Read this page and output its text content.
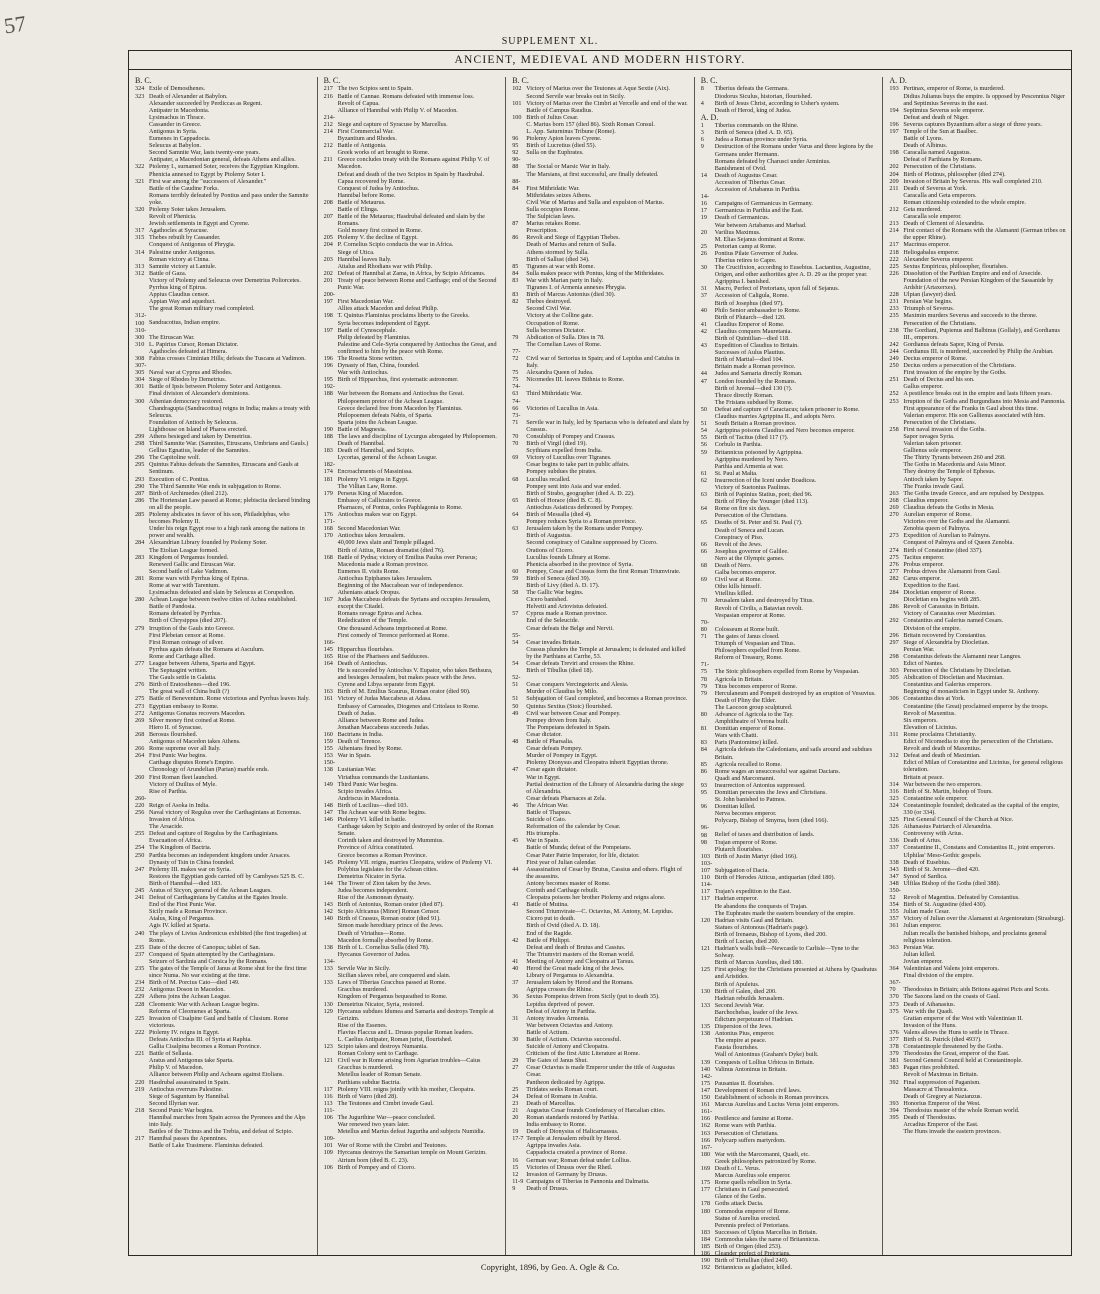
57
SUPPLEMENT XL.
ANCIENT, MEDIEVAL AND MODERN HISTORY.
B. C.
324 Exile of Demosthenes.
323 Death of Alexander at Babylon.
Alexander succeeded by Perdiccas as Regent.
Antipater in Macedonia.
Lysimachus in Thrace.
Cassander in Greece.
Antigonus in Syria.
Eumenes in Cappadocia.
Seleucus at Babylon.
Second Samnite War, lasts twenty-one years.
Antipater, a Macedonian general, defeats Athens and allies.
322 Ptolemy I., surnamed Soter, receives the Egyptian Kingdom.
Phenicia annexed to Egypt by Ptolemy Soter I.
321 First war among the "successors of Alexander."
Battle of the Caudine Forks.
Romans terribly defeated by Pontius and pass under the Samnite yoke.
320 Ptolemy Soter takes Jerusalem.
Revolt of Phenicia.
Jewish settlements in Egypt and Cyrene.
317 Agathocles at Syracuse.
315 Thebes rebuilt by Cassander.
Conquest of Antigonus of Phrygia.
314 Palestine under Antigonus.
Roman victory at Cinna.
313 Samnite victory at Lantule.
312 Battle of Gaza.
Victory of Ptolemy and Seleucus over Demetrius Poliorcetes.
Pyrrhus king of Epirus.
Appius Claudius censor.
Appian Way and aqueduct.
The great Roman military road completed.
312-100 Sandracottus, Indian empire.
310-300 The Etruscan War.
310 L. Papirius Cursor, Roman Dictator.
Agathocles defeated at Himera.
308 Fabius crosses Ciminian Hills; defeats the Tuscans at Vadimon.
307-305 Naval war at Cyprus and Rhodes.
304 Siege of Rhodes by Demetrius.
301 Battle of Ipsis between Ptolemy Soter and Antigonus.
Final division of Alexander's dominions.
300 Athenian democracy restored.
Chandragupta (Sandracottus) reigns in India; makes a treaty with Seleucus.
Foundation of Antioch by Seleucus.
Lighthouse on Island of Pharos erected.
299 Athens besieged and taken by Demetrius.
298 Third Samnite War. (Samnites, Etruscans, Umbrians and Gauls.)
Gellius Egnatius, leader of the Samnites.
296 The Capitoline wolf.
295 Quintus Fabius defeats the Samnites, Etruscans and Gauls at Sentinum.
293 Execution of C. Pontius.
290 The Third Samnite War ends in subjugation to Rome.
287 Birth of Archimedes (died 212).
286 The Hortensian Law passed at Rome; plebiscita declared binding on all the people.
285 Ptolemy abdicates in favor of his son, Philadelphus, who becomes Ptolemy II.
Under his reign Egypt rose to a high rank among the nations in power and wealth.
284 Alexandrian Library founded by Ptolemy Soter.
The Etolian League formed.
283 Kingdom of Pergamus founded.
Renewed Gallic and Etruscan War.
Second battle of Lake Vadimon.
281 Rome wars with Pyrrhus king of Epirus.
Rome at war with Tarentum.
Lysimachus defeated and slain by Seleucus at Corupedion.
280 Achean League between twelve cities of Achea established.
Battle of Pandosia.
Romans defeated by Pyrrhus.
Birth of Chrysippus (died 207).
279 Irruption of the Gauls into Greece.
First Plebeian censor at Rome.
First Roman coinage of silver.
Pyrrhus again defeats the Romans at Asculum.
Rome and Carthage allied.
277 League between Athens, Sparta and Egypt.
The Septuagint written.
The Gauls settle in Galatia.
276 Birth of Eratosthenes—died 196.
The great wall of China built (?)
275 Battle of Beneventum. Rome victorious and Pyrrhus leaves Italy.
273 Egyptian embassy to Rome.
272 Antigonus Gonatus recovers Macedon.
269 Silver money first coined at Rome.
Hiero II. of Syracuse.
268 Berosus flourished.
Antigonus of Macedon takes Athens.
266 Rome supreme over all Italy.
264 First Punic War begins.
Carthage disputes Rome's Empire.
Chronology of Arundelian (Parian) marble ends.
260 First Roman fleet launched.
Victory of Duilius of Myle.
Rise of Parthia.
260-220 Reign of Asoka in India.
256 Naval victory of Regulus over the Carthaginians at Ecnomus.
Invasion of Africa.
The Arsacide.
255 Defeat and capture of Regulus by the Carthaginians.
Evacuation of Africa.
254 The Kingdom of Bactria.
250 Parthia becomes an independent kingdom under Arsaces.
Dynasty of Tsin in China founded.
247 Ptolemy III. makes war on Syria.
Restores the Egyptian gods carried off by Cambyses 525 B. C.
Birth of Hannibal—died 183.
245 Aratus of Sicyon, general of the Achean Leagues.
241 Defeat of Carthaginians by Catulus at the Egates Insule.
End of the First Punic War.
Sicily made a Roman Province.
Atalus, King of Pergamus.
Agis IV. killed at Sparta.
240 The plays of Livius Andronicus exhibited (the first tragedies) at Rome.
235 Date of the decree of Canopus; tablet of San.
237 Conquest of Spain attempted by the Carthaginians.
Seizure of Sardinia and Corsica by the Romans.
235 The gates of the Temple of Janus at Rome shut for the first time since Numa. No war existing at the time.
234 Birth of M. Porcius Cato—died 149.
232 Antigonus Doson in Macedon.
229 Athens joins the Achean League.
228 Cleomenic War with Achean League begins.
Reforms of Cleomenes at Sparta.
225 Invasion of Cisalpine Gaul and battle of Clusium. Rome victorious.
222 Ptolemy IV. reigns in Egypt.
Defeats Antiochus III. of Syria at Raphia.
Gallia Cisalpina becomes a Roman Province.
221 Battle of Sellasia.
Aratus and Antigonus take Sparta.
Philip V. of Macedon.
Alliance between Philip and Acheans against Etolians.
220 Hasdrubal assassinated in Spain.
219 Antiochus overruns Palestine.
Siege of Saguntum by Hannibal.
Second Illyrian war.
218 Second Punic War begins.
Hannibal marches from Spain across the Pyrenees and the Alps into Italy.
Battles of the Ticinus and the Trebia, and defeat of Scipio.
217 Hannibal passes the Apennines.
Battle of Lake Trasimene. Flaminius defeated.
B. C.
217 The two Scipios sent to Spain.
216 Battle of Cannae. Romans defeated with immense loss.
Revolt of Capua.
Alliance of Hannibal with Philip V. of Macedon.
214-212 Siege and capture of Syracuse by Marcellus.
214 First Commercial War.
Byzantium and Rhodes.
212 Battle of Antigonia.
Greek works of art brought to Rome.
211 Greece concludes treaty with the Romans against Philip V. of Macedon.
Defeat and death of the two Scipios in Spain by Hasdrubal.
Capua recovered by Rome.
Conquest of Judea by Antiochus.
Hannibal before Rome.
208 Battle of Metaurus.
Battle of Elinga.
207 Battle of the Metaurus; Hasdrubal defeated and slain by the Romans.
Gold money first coined in Rome.
205 Ptolemy V. the decline of Egypt.
204 P. Cornelius Scipio conducts the war in Africa.
Siege of Utica.
203 Hannibal leaves Italy.
Attalus and Rhodians war with Philip.
202 Defeat of Hannibal at Zama, in Africa, by Scipio Africanus.
201 Treaty of peace between Rome and Carthage; end of the Second Punic War.
200-197 First Macedonian War.
Allies attack Macedon and defeat Philip.
198 T. Quintus Flaminius proclaims liberty to the Greeks.
Syria becomes independent of Egypt.
197 Battle of Cynoscephale.
Philip defeated by Flaminius.
Palestine and Cele-Syria conquered by Antiochus the Great, and confirmed to him by the peace with Rome.
196 The Rosetta Stone written.
196 Dynasty of Han, China, founded.
War with Antiochus.
195 Birth of Hipparchus, first systematic astronomer.
192-188 War between the Romans and Antiochus the Great.
Philopoemen pretor of the Achean League.
Greece declared free from Macedon by Flaminius.
Philopoemen defeats Nabis, of Sparta.
Sparta joins the Achean League.
190 Battle of Magnesia.
188 The laws and discipline of Lycurgus abrogated by Philopoemen.
Death of Hannibal.
183 Death of Hannibal, and Scipio.
Lycortas, general of the Achean League.
182-174 Encroachments of Massinissa.
181 Ptolemy VI. reigns in Egypt.
The Villian Law, Rome.
179 Perseus King of Macedon.
Embassy of Callicrates to Greece.
Pharnaces, of Pontus, cedes Paphlagonia to Rome.
176 Antiochus makes war on Egypt.
171-168 Second Macedonian War.
170 Antiochus takes Jerusalem.
40,000 Jews slain and Temple pillaged.
Birth of Attius, Roman dramatist (died 76).
168 Battle of Pydna; victory of Emilius Paulus over Perseus; Macedonia made a Roman province.
Eumenes II. visits Rome.
Antiochus Epiphanes takes Jerusalem.
Beginning of the Maccabean war of independence.
Athenians attack Oropus.
167 Judas Maccabeus defeats the Syrians and occupies Jerusalem, except the Citadel.
Romans ravage Epirus and Achea.
Rededication of the Temple.
One thousand Acheans imprisoned at Rome.
First comedy of Terence performed at Rome.
166-145 Hipparchus flourishes.
165 Rise of the Pharisees and Sadducees.
164 Death of Antiochus.
He is succeeded by Antiochus V. Eupator, who takes Bethsura, and besieges Jerusalem, but makes peace with the Jews.
Cyrene and Libya separate from Egypt.
163 Birth of M. Emilius Scaurus, Roman orator (died 90).
161 Victory of Judas Maccabeus at Adasa.
Embassy of Carneades, Diogenes and Critolaus to Rome.
Death of Judas.
Alliance between Rome and Judea.
Jonathan Maccabeus succeeds Judas.
160 Bactrians in India.
159 Death of Terence.
155 Athenians fined by Rome.
153 War in Spain.
150-138 Lusitanian War.
Viriathus commands the Lusitanians.
149 Third Punic War begins.
Scipio invades Africa.
Andriscus in Macedonia.
148 Birth of Lucilius—died 103.
147 The Achean war with Rome begins.
146 Ptolemy VI. killed in battle.
Carthage taken by Scipio and destroyed by order of the Roman Senate.
Corinth taken and destroyed by Mummius.
Province of Africa constituted.
Greece becomes a Roman Province.
145 Ptolemy VII. reigns, marries Cleopatra, widow of Ptolemy VI.
Polybius legislates for the Achean cities.
Demetrius Nicator in Syria.
144 The Tower of Zion taken by the Jews.
Judea becomes independent.
Rise of the Asmonean dynasty.
143 Birth of Antonius, Roman orator (died 87).
142 Scipio Africanus (Minor) Roman Censor.
140 Birth of Crassus, Roman orator (died 91).
Simon made hereditary prince of the Jews.
Death of Viriathus—Rome.
Macedon formally absorbed by Rome.
138 Birth of L. Cornelius Sulla (died 78).
Hyrcanus Governor of Judea.
134-133 Servile War in Sicily.
Sicilian slaves rebel, are conquered and slain.
133 Laws of Tiberias Gracchus passed at Rome.
Gracchus murdered.
Kingdom of Pergamus bequeathed to Rome.
130 Demetrius Nicator, Syria, restored.
129 Hyrcanus subdues Idumea and Samaria and destroys Temple at Gerizim.
Rise of the Essenes.
Flavius Flaccus and L. Drusus popular Roman leaders.
L. Caelius Antipater, Roman jurist, flourished.
123 Scipio takes and destroys Numantia.
Roman Colony sent to Carthage.
121 Civil war in Rome arising from Agrarian troubles—Caius Gracchus is murdered.
Metellus leader of Roman Senate.
Parthians subdue Bactria.
117 Ptolemy VIII. reigns jointly with his mother, Cleopatra.
116 Birth of Varro (died 28).
113 The Teutones and Cimbri invade Gaul.
111-106 The Jugurthine War—peace concluded.
War renewed two years later.
Metellus and Marius defeat Jugurtha and subjects Numidia.
109-101 War of Rome with the Cimbri and Teutones.
109 Hyrcanus destroys the Samaritan temple on Mount Gerizim.
Atrium born (died B. C. 23).
106 Birth of Pompey and of Cicero.
B. C.
102 Victory of Marius over the Teutones at Aque Sextie (Aix).
Second Servile war breaks out in Sicily.
101 Victory of Marius over the Cimbri at Vercelle and end of the war.
Battle of Campus Raudius.
100 Birth of Julius Cesar.
C. Marius born 157 (died 86). Sixth Roman Consul.
L. App. Saturninus Tribune (Rome).
96 Ptolemy Apion leaves Cyrene.
95 Birth of Lucretius (died 55).
92 Sulla on the Euphrates.
90-88 The Social or Marsic War in Italy.
The Marsians, at first successful, are finally defeated.
88-84 First Mithridatic War.
Mithridates seizes Athens.
Civil War of Marius and Sulla and expulsion of Marius.
Sulla occupies Rome.
The Sulpician laws.
87 Marius retakes Rome.
Proscription.
86 Revolt and Siege of Egyptian Thebes.
Death of Marius and return of Sulla.
Athens stormed by Sulla.
Birth of Sallust (died 34).
85 Tigranes at war with Rome.
84 Sulla makes peace with Pontus, king of the Mithridates.
83 War with Marian party in Italy.
Tigranes I. of Armenia annexes Phrygia.
83 Birth of Marcus Antonius (died 30).
82 Thebes destroyed.
Second Civil War.
Victory at the Colline gate.
Occupation of Rome.
Sulla becomes Dictator.
79 Abdication of Sulla. Dies in 78.
The Cornelian Laws of Rome.
77-72 Civil war of Sertorius in Spain; and of Lepidus and Catulus in Italy.
75 Alexandra Queen of Judea.
75 Nicomedes III. leaves Bithnia to Rome.
74-63 Third Mithridatic War.
74-66 Victories of Lucullus in Asia.
73-71 Servile war in Italy, led by Spartacus who is defeated and slain by Crassus.
70 Consulship of Pompey and Crassus.
70 Birth of Virgil (died 19).
Scythians expelled from India.
69 Victory of Lucullus over Tigranes.
Cesar begins to take part in public affairs.
Pompey subdues the pirates.
68 Lucullus recalled.
Pompey sent into Asia and war ended.
Birth of Strabo, geographer (died A. D. 22).
65 Birth of Horace (died B. C. 8).
Antiochus Asiaticus dethroned by Pompey.
64 Birth of Messalla (died 4).
Pompey reduces Syria to a Roman province.
63 Jerusalem taken by the Romans under Pompey.
Birth of Augustus.
Second conspiracy of Cataline suppressed by Cicero.
Orations of Cicero.
Lucullus founds Library at Rome.
Phenicia absorbed in the province of Syria.
60 Pompey, Cesar and Crassus form the first Roman Triumvirate.
59 Birth of Seneca (died 39).
Birth of Livy (died A. D. 17).
58 The Gallic War begins.
Cicero banished.
Helvetii and Ariovistus defeated.
57 Cyprus made a Roman province.
End of the Seleucide.
Cesar defeats the Belge and Nervii.
55-54 Cesar invades Britain.
Crassus plunders the Temple at Jerusalem; is defeated and killed by the Parthians at Carrhe, 53.
54 Cesar defeats Treviri and crosses the Rhine.
Birth of Tibullus (died 18).
52-51 Cesar conquers Vercingetorix and Alesia.
Murder of Claudius by Milo.
51 Subjugation of Gaul completed, and becomes a Roman province.
50 Quintus Sextius (Stoic) flourished.
49 Civil war between Cesar and Pompey.
Pompey driven from Italy.
The Pompeians defeated in Spain.
Cesar dictator.
48 Battle of Pharsalia.
Cesar defeats Pompey.
Murder of Pompey in Egypt.
Ptolemy Dionysus and Cleopatra inherit Egyptian throne.
47 Cesar again dictator.
War in Egypt.
Partial destruction of the Library of Alexandria during the siege of Alexandria.
Cesar defeats Pharnaces at Zela.
46 The African War.
Battle of Thapsus.
Suicide of Cato.
Reformation of the calendar by Cesar.
His triumphs.
45 War in Spain.
Battle of Munda; defeat of the Pompeians.
Cesar Pater Patrie Imperator, for life, dictator.
First year of Julian calendar.
44 Assassination of Cesar by Brutus, Cassius and others. Flight of the assassins.
Antony becomes master of Rome.
Corinth and Carthage rebuilt.
Cleopatra poisons her brother Ptolemy and reigns alone.
43 Battle of Mutina.
Second Triumvirate—C. Octavius, M. Antony, M. Lepidus.
Cicero put to death.
Birth of Ovid (died A. D. 18).
End of the Ragide.
42 Battle of Philippi.
Defeat and death of Brutus and Cassius.
The Triumviri masters of the Roman world.
41 Meeting of Antony and Cleopatra at Tarsus.
40 Herod the Great made king of the Jews.
Library of Pergamus to Alexandria.
37 Jerusalem taken by Herod and the Romans.
Agrippa crosses the Rhine.
36 Sextus Pompeius driven from Sicily (put to death 35).
Lepidus deprived of power.
Defeat of Antony in Parthia.
31 Antony invades Armenia.
War between Octavius and Antony.
Battle of Actium.
30 Battle of Actium. Octavius successful.
Suicide of Antony and Cleopatra.
Criticism of the first Attic Literature at Rome.
29 The Gates of Janus Shut.
27 Cesar Octavius is made Emperor under the title of Augustus Cesar.
Pantheon dedicated by Agrippa.
25 Tiridates seeks Roman court.
24 Defeat of Romans in Arabia.
23 Death of Marcellus.
21 Augustus Cesar founds Confederacy of Harcalian cities.
20 Roman standards restored by Parthia.
India embassy to Rome.
19 Death of Dionysius of Halicarnassus.
17-7 Temple at Jerusalem rebuilt by Herod.
Agrippa invades Asia.
Cappadocia created a province of Rome.
16 German war; Roman defeat under Lollius.
15 Victories of Drusus over the Rhetl.
12 Invasion of Germany by Drusus.
11-9 Campaigns of Tiberias in Pannonia and Dalmatia.
9 Death of Drusus.
B. C.
8 Tiberius defeats the Germans.
Diodorus Siculus, historian, flourished.
4 Birth of Jesus Christ, according to Usher's system.
Death of Herod, king of Judea.
A. D.
1 Tiberius commands on the Rhine.
3 Birth of Seneca (died A. D. 65).
6 Judea a Roman province under Syria.
9 Destruction of the Romans under Varus and three legions by the Germans under Hermann.
Romans defeated by Charusci under Arminius.
Banishment of Ovid.
14 Death of Augustus Cesar.
Accession of Tiberius Cesar.
Accession of Artabanus in Parthia.
14-16 Campaigns of Germanicus in Germany.
17 Germanicus in Parthia and the East.
19 Death of Germanicus.
War between Artabanus and Marbad.
20 Varilius Maximus.
M. Elias Sejanus dominant at Rome.
25 Pretorian camp at Rome.
26 Pontius Pilate Governor of Judea.
Tiberius retires to Capre.
30 The Crucifixion, according to Eusebius. Lactantius, Augustine, Origen, and other authorities give A. D. 29 as the proper year.
Agrippina I. banished.
31 Macro, Perfect of Pretorians, upon fall of Sejanus.
37 Accession of Caligula, Rome.
Birth of Josephus (died 97).
40 Philo Senior ambassador to Rome.
Birth of Plutarch—died 120.
41 Claudius Emperor of Rome.
42 Claudius conquers Mauretania.
Birth of Quintilian—died 118.
43 Expedition of Claudius to Britain.
Successes of Aulus Plautius.
Birth of Martial—died 104.
Britain made a Roman province.
44 Judea and Samaria directly Roman.
47 London founded by the Romans.
Birth of Juvenal—died 130 (?).
Thrace directly Roman.
The Frisians subdued by Rome.
50 Defeat and capture of Caractacus; taken prisoner to Rome.
Claudius marries Agrippina II., and adopts Nero.
51 South Britain a Roman province.
54 Agrippina poisons Claudius and Nero becomes emperor.
55 Birth of Tacitus (died 117 (?).
56 Corbulo in Parthia.
59 Britannicus poisoned by Agrippina.
Agrippina murdered by Nero.
Parthia and Armenia at war.
61 St. Paul at Malta.
62 Insurrection of the Iceni under Boadicea.
Victory of Suetonius Paulinus.
63 Birth of Papinius Statius, poet; died 96.
Birth of Pliny the Younger (died 113).
64 Rome on fire six days.
Persecution of the Christians.
65 Deaths of St. Peter and St. Paul (?).
Death of Seneca and Lucan.
Conspiracy of Piso.
66 Revolt of the Jews.
66 Josephus governor of Galilee.
Nero at the Olympic games.
68 Death of Nero.
Galba becomes emperor.
69 Civil war at Rome.
Otho kills himself.
Vitellius killed.
70 Jerusalem taken and destroyed by Titus.
Revolt of Civilis, a Batavian revolt.
Vespasian emperor at Rome.
70-80 Colosseum at Rome built.
71 The gates of Janus closed.
Triumph of Vespasian and Titus.
Philosophers expelled from Rome.
Reform of Treasury, Rome.
71-75 The Stoic philosophers expelled from Rome by Vespasian.
78 Agricola in Britain.
79 Titus becomes emperor of Rome.
79 Herculaneum and Pompeii destroyed by an eruption of Vesuvius.
Death of Pliny the Elder.
The Laocoon group sculptured.
80 Advance of Agricola to the Tay.
Amphitheatre of Verona built.
81 Domitian emperor of Rome.
Wars with Chatti.
83 Paris (Pantomime) killed.
84 Agricola defeats the Caledonians, and sails around and subdues Britain.
85 Agricola recalled to Rome.
86 Rome wages an unsuccessful war against Dacians.
Quadi and Marcomanni.
93 Insurrection of Antonius suppressed.
95 Domitian persecutes the Jews and Christians.
St. John banished to Patmos.
96 Domitian killed.
Nerva becomes emperor.
Polycarp, Bishop of Smyrna, born (died 166).
96-98 Relief of taxes and distribution of lands.
98 Trajan emperor of Rome.
Plutarch flourishes.
103 Birth of Justin Martyr (died 166).
103-107 Subjugation of Dacia.
110 Birth of Herodes Atticus, antiquarian (died 180).
114-117 Trajan's expedition to the East.
117 Hadrian emperor.
He abandons the conquests of Trajan.
The Euphrates made the eastern boundary of the empire.
120 Hadrian visits Gaul and Britain.
Statues of Antonous (Hadrian's page).
Birth of Irenaeus, Bishop of Lyons, died 200.
Birth of Lucian, died 200.
121 Hadrian's walls built—Newcastle to Carlisle—Tyne to the Solway.
Birth of Marcus Aurelius, died 180.
125 First apology for the Christians presented at Athens by Quadratus and Aristides.
Birth of Apuleius.
130 Birth of Galen, died 200.
Hadrian rebuilds Jerusalem.
133 Second Jewish War.
Barchochebas, leader of the Jews.
Edictum perpetuum of Hadrian.
135 Dispersion of the Jews.
138 Antonius Pius, emperor.
The empire at peace.
Fausta flourishes.
Wall of Antoninus (Graham's Dyke) built.
139 Conquests of Lollius Urbicus in Britain.
140 Valinus Antoninus in Britain.
142-175 Pausanias II. flourishes.
147 Development of Roman civil laws.
150 Establishment of schools in Roman provinces.
161 Marcus Aurelius and Lucius Verus joint emperors.
161-166 Pestilence and famine at Rome.
162 Rome wars with Parthia.
163 Persecution of Christians.
166 Polycarp suffers martyrdom.
167-180 War with the Marcomanni, Quadi, etc.
Greek philosophers patronized by Rome.
169 Death of L. Verus.
Marcus Aurelius sole emperor.
175 Rome quells rebellion in Syria.
177 Christians in Gaul persecuted.
Glance of the Goths.
178 Goths attack Dacia.
180 Commodus emperor of Rome.
Statue of Aurelius erected.
Perennis prefect of Pretorians.
183 Successes of Ulpius Marcellus in Britain.
184 Commodus takes the name of Britannicus.
185 Birth of Origen (died 253).
186 Cleander prefect of Pretorians.
190 Birth of Tertullian (died 240).
192 Britannicus as gladiator, killed.
A. D.
193 Pertinax, emperor of Rome, is murdered.
Didius Julianus buys the empire. Is opposed by Pescennius Niger and Septimius Severus in the east.
194 Septimius Severus sole emperor.
Defeat and death of Niger.
196 Severus captures Byzantium after a siege of three years.
197 Temple of the Sun at Baalbec.
Battle of Lyons.
Death of Albinus.
198 Caracalla named Augustus.
Defeat of Parthians by Romans.
202 Persecution of the Christians.
204 Birth of Plotinus, philosopher (died 274).
209 Invasion of Britain by Severus. His wall completed 210.
211 Death of Severus at York.
Caracalla and Geta emperors.
Roman citizenship extended to the whole empire.
212 Geta murdered.
Caracalla sole emperor.
213 Death of Clement of Alexandria.
214 First contact of the Romans with the Alamanni (German tribes on the upper Rhine).
217 Macrinus emperor.
218 Heliogabalus emperor.
222 Alexander Severus emperor.
225 Sextus Empiricus, philosopher, flourishes.
226 Dissolution of the Parthian Empire and end of Arsecide.
Foundation of the new Persian Kingdom of the Sassanide by Ardshir (Artaxerxes).
228 Ulpian (lawyer) died.
231 Persian War begins.
233 Triumph of Severus.
235 Maximin murders Severus and succeeds to the throne.
Persecution of the Christians.
238 The Gordiani, Pupienus and Balbinus (Gollaly), and Gordianus III., emperors.
242 Gordianus defeats Sapor, King of Persia.
244 Gordianus III. is murdered, succeeded by Philip the Arabian.
249 Decius emperor of Rome.
250 Decius orders a persecution of the Christians.
First invasion of the empire by the Goths.
251 Death of Decius and his son.
Gallus emperor.
252 A pestilence breaks out in the empire and lasts fifteen years.
253 Irruption of the Goths and Burgundians into Mesia and Pannonia.
First appearance of the Franks in Gaul about this time.
Valerian emperor. His son Gallienus associated with him.
Persecution of the Christians.
258 First naval invasion of the Goths.
Sapor ravages Syria.
Valerian taken prisoner.
Gallienus sole emperor.
The Thirty Tyrants between 260 and 268.
The Goths in Macedonia and Asia Minor.
They destroy the Temple of Ephesus.
Antioch taken by Sapor.
The Franks invade Gaul.
263 The Goths invade Greece, and are repulsed by Dexippus.
268 Claudius emperor.
269 Claudius defeats the Goths in Mesia.
270 Aurelian emperor of Rome.
Victories over the Goths and the Alamanni.
Zenobia queen of Palmyra.
273 Expedition of Aurelian to Palmyra.
Conquest of Palmyra and of Queen Zenobia.
274 Birth of Constantine (died 337).
275 Tacitus emperor.
276 Probus emperor.
277 Probus drives the Alamanni from Gaul.
282 Carus emperor.
Expedition to the East.
284 Diocletian emperor of Rome.
Diocletian era begins with 285.
286 Revolt of Carausius in Britain.
Victory of Carausius over Maximian.
292 Constantius and Galerius named Cesars.
Division of the empire.
296 Britain recovered by Constantius.
297 Siege of Alexandria by Diocletian.
Persian War.
298 Constantius defeats the Alamanni near Langres.
Edict of Nantes.
303 Persecution of the Christians by Diocletian.
305 Abdication of Diocletian and Maximian.
Constantius and Galerius emperors.
Beginning of monasticism in Egypt under St. Anthony.
306 Constantius dies at York.
Constantine (the Great) proclaimed emperor by the troops.
Revolt of Maxentius.
Six emperors.
Elevation of Licinius.
311 Rome proclaims Christianity.
Edict of Nicomedia to stop the persecution of the Christians.
Revolt and death of Maxentius.
312 Defeat and death of Maximian.
Edict of Milan of Constantine and Licinius, for general religious toleration.
Britain at peace.
314 War between the two emperors.
316 Birth of St. Martin, bishop of Tours.
323 Constantine sole emperor.
324 Constantinople founded; dedicated as the capital of the empire, 330 (or 334).
325 First General Council of the Church at Nice.
326 Athanasius Patriarch of Alexandria.
Controversy with Arius.
336 Death of Arius.
337 Constantine II., Constans and Constantius II., joint emperors.
Ulphilas' Meso-Gothic gospels.
338 Death of Eusebius.
343 Birth of St. Jerome—died 420.
347 Synod of Sardica.
348 Ulfilas Bishop of the Goths (died 388).
350-52 Revolt of Magentius. Defeated by Constantius.
354 Birth of St. Augustine (died 430).
355 Julian made Cesar.
357 Victory of Julian over the Alamanni at Argentoratum (Strasburg).
361 Julian emperor.
Julian recalls the banished bishops, and proclaims general religious toleration.
363 Persian War.
Julian killed.
Jovian emperor.
364 Valentinian and Valens joint emperors.
Final division of the empire.
367-70 Theodosius in Britain; aids Britons against Picts and Scots.
370 The Saxons land on the coasts of Gaul.
373 Death of Athanasius.
375 War with the Quadi.
Gratian emperor of the West with Valentinian II.
Invasion of the Huns.
376 Valens allows the Huns to settle in Thrace.
377 Birth of St. Patrick (died 493?).
378 Constantinople threatened by the Goths.
379 Theodosius the Great, emperor of the East.
381 Second General Council held at Constantinople.
383 Pagan rites prohibited.
Revolt of Maximus in Britain.
392 Final suppression of Paganism.
Massacre at Thessalonica.
Death of Gregory at Nazianzus.
393 Honorius Emperor of the West.
394 Theodosius master of the whole Roman world.
395 Death of Theodosius.
Arcadius Emperor of the East.
The Huns invade the eastern provinces.
Copyright, 1896, by Geo. A. Ogle & Co.
